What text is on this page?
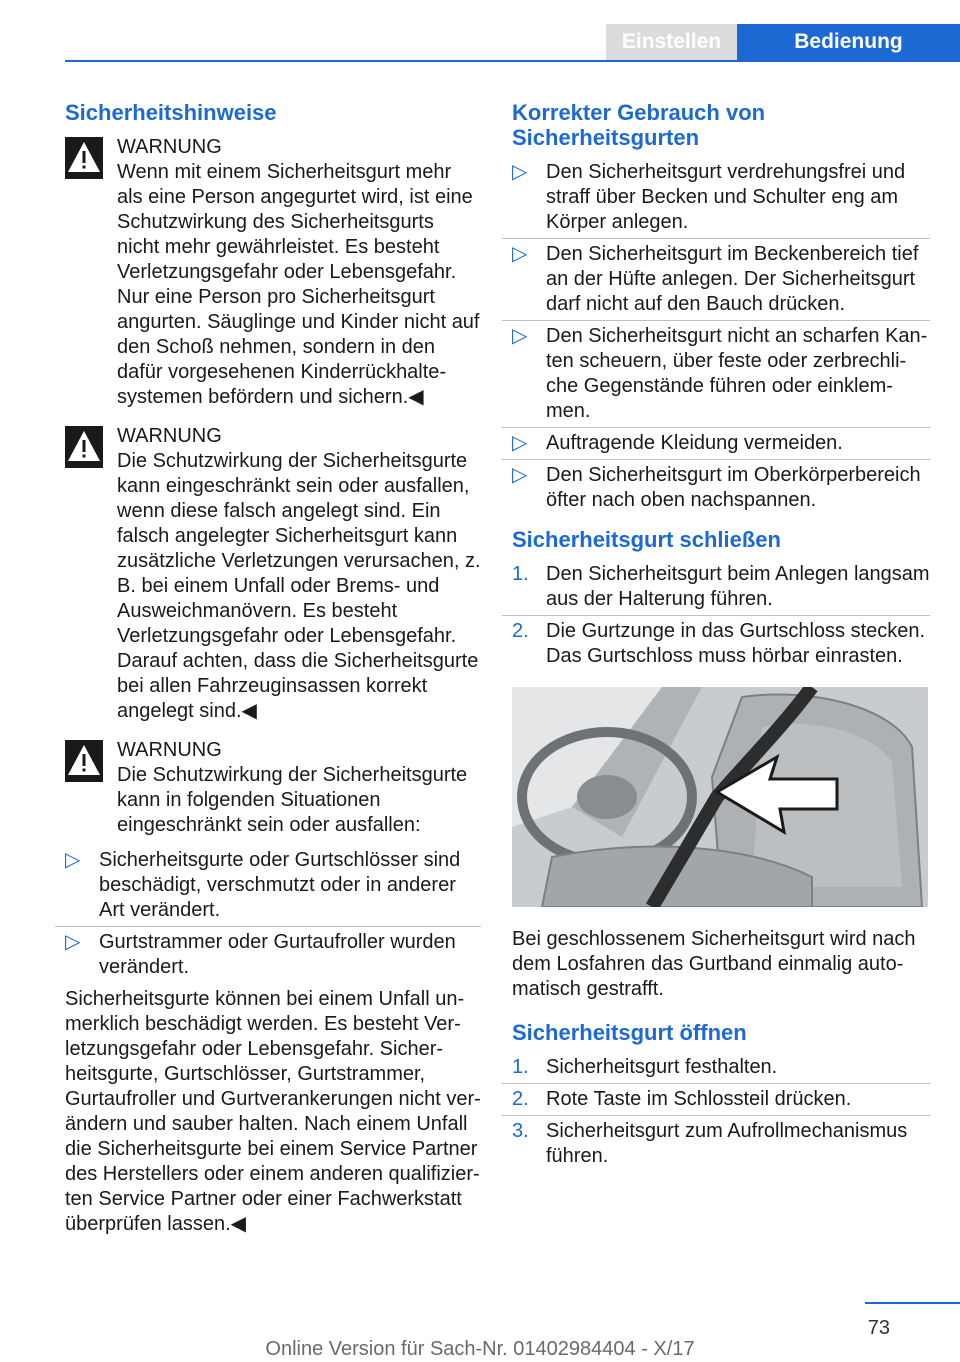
Einstellen	Bedienung
Sicherheitshinweise
WARNUNG
Wenn mit einem Sicherheitsgurt mehr als eine Person angegurtet wird, ist eine Schutzwirkung des Sicherheitsgurts nicht mehr gewährleistet. Es besteht Verletzungsgefahr oder Lebensgefahr. Nur eine Person pro Sicherheitsgurt angurten. Säuglinge und Kinder nicht auf den Schoß nehmen, sondern in den dafür vorgesehenen Kinderrückhaltesystemen befördern und sichern.◀
WARNUNG
Die Schutzwirkung der Sicherheitsgurte kann eingeschränkt sein oder ausfallen, wenn diese falsch angelegt sind. Ein falsch angelegter Sicherheitsgurt kann zusätzliche Verletzungen verursachen, z. B. bei einem Unfall oder Brems- und Ausweichmanövern. Es besteht Verletzungsgefahr oder Lebensgefahr. Darauf achten, dass die Sicherheitsgurte bei allen Fahrzeuginsassen korrekt angelegt sind.◀
WARNUNG
Die Schutzwirkung der Sicherheitsgurte kann in folgenden Situationen eingeschränkt sein oder ausfallen:
▷ Sicherheitsgurte oder Gurtschlösser sind beschädigt, verschmutzt oder in anderer Art verändert.
▷ Gurtstrammer oder Gurtaufroller wurden verändert.

Sicherheitsgurte können bei einem Unfall unmerklich beschädigt werden. Es besteht Verletzungsgefahr oder Lebensgefahr. Sicherheitsgurte, Gurtschlösser, Gurtstrammer, Gurtaufroller und Gurtverankerungen nicht verändern und sauber halten. Nach einem Unfall die Sicherheitsgurte bei einem Service Partner des Herstellers oder einem anderen qualifizierten Service Partner oder einer Fachwerkstatt überprüfen lassen.◀

Korrekter Gebrauch von Sicherheitsgurten
▷ Den Sicherheitsgurt verdrehungsfrei und straff über Becken und Schulter eng am Körper anlegen.
▷ Den Sicherheitsgurt im Beckenbereich tief an der Hüfte anlegen. Der Sicherheitsgurt darf nicht auf den Bauch drücken.
▷ Den Sicherheitsgurt nicht an scharfen Kanten scheuern, über feste oder zerbrechliche Gegenstände führen oder einklemmen.
▷ Auftragende Kleidung vermeiden.
▷ Den Sicherheitsgurt im Oberkörperbereich öfter nach oben nachspannen.
Sicherheitsgurt schließen
1. Den Sicherheitsgurt beim Anlegen langsam aus der Halterung führen.
2. Die Gurtzunge in das Gurtschloss stecken. Das Gurtschloss muss hörbar einrasten.

Bei geschlossenem Sicherheitsgurt wird nach dem Losfahren das Gurtband einmalig automatisch gestrafft.

Sicherheitsgurt öffnen
1. Sicherheitsgurt festhalten.
2. Rote Taste im Schlossteil drücken.
3. Sicherheitsgurt zum Aufrollmechanismus führen.
73
Online Version für Sach-Nr. 01402984404 - X/17
